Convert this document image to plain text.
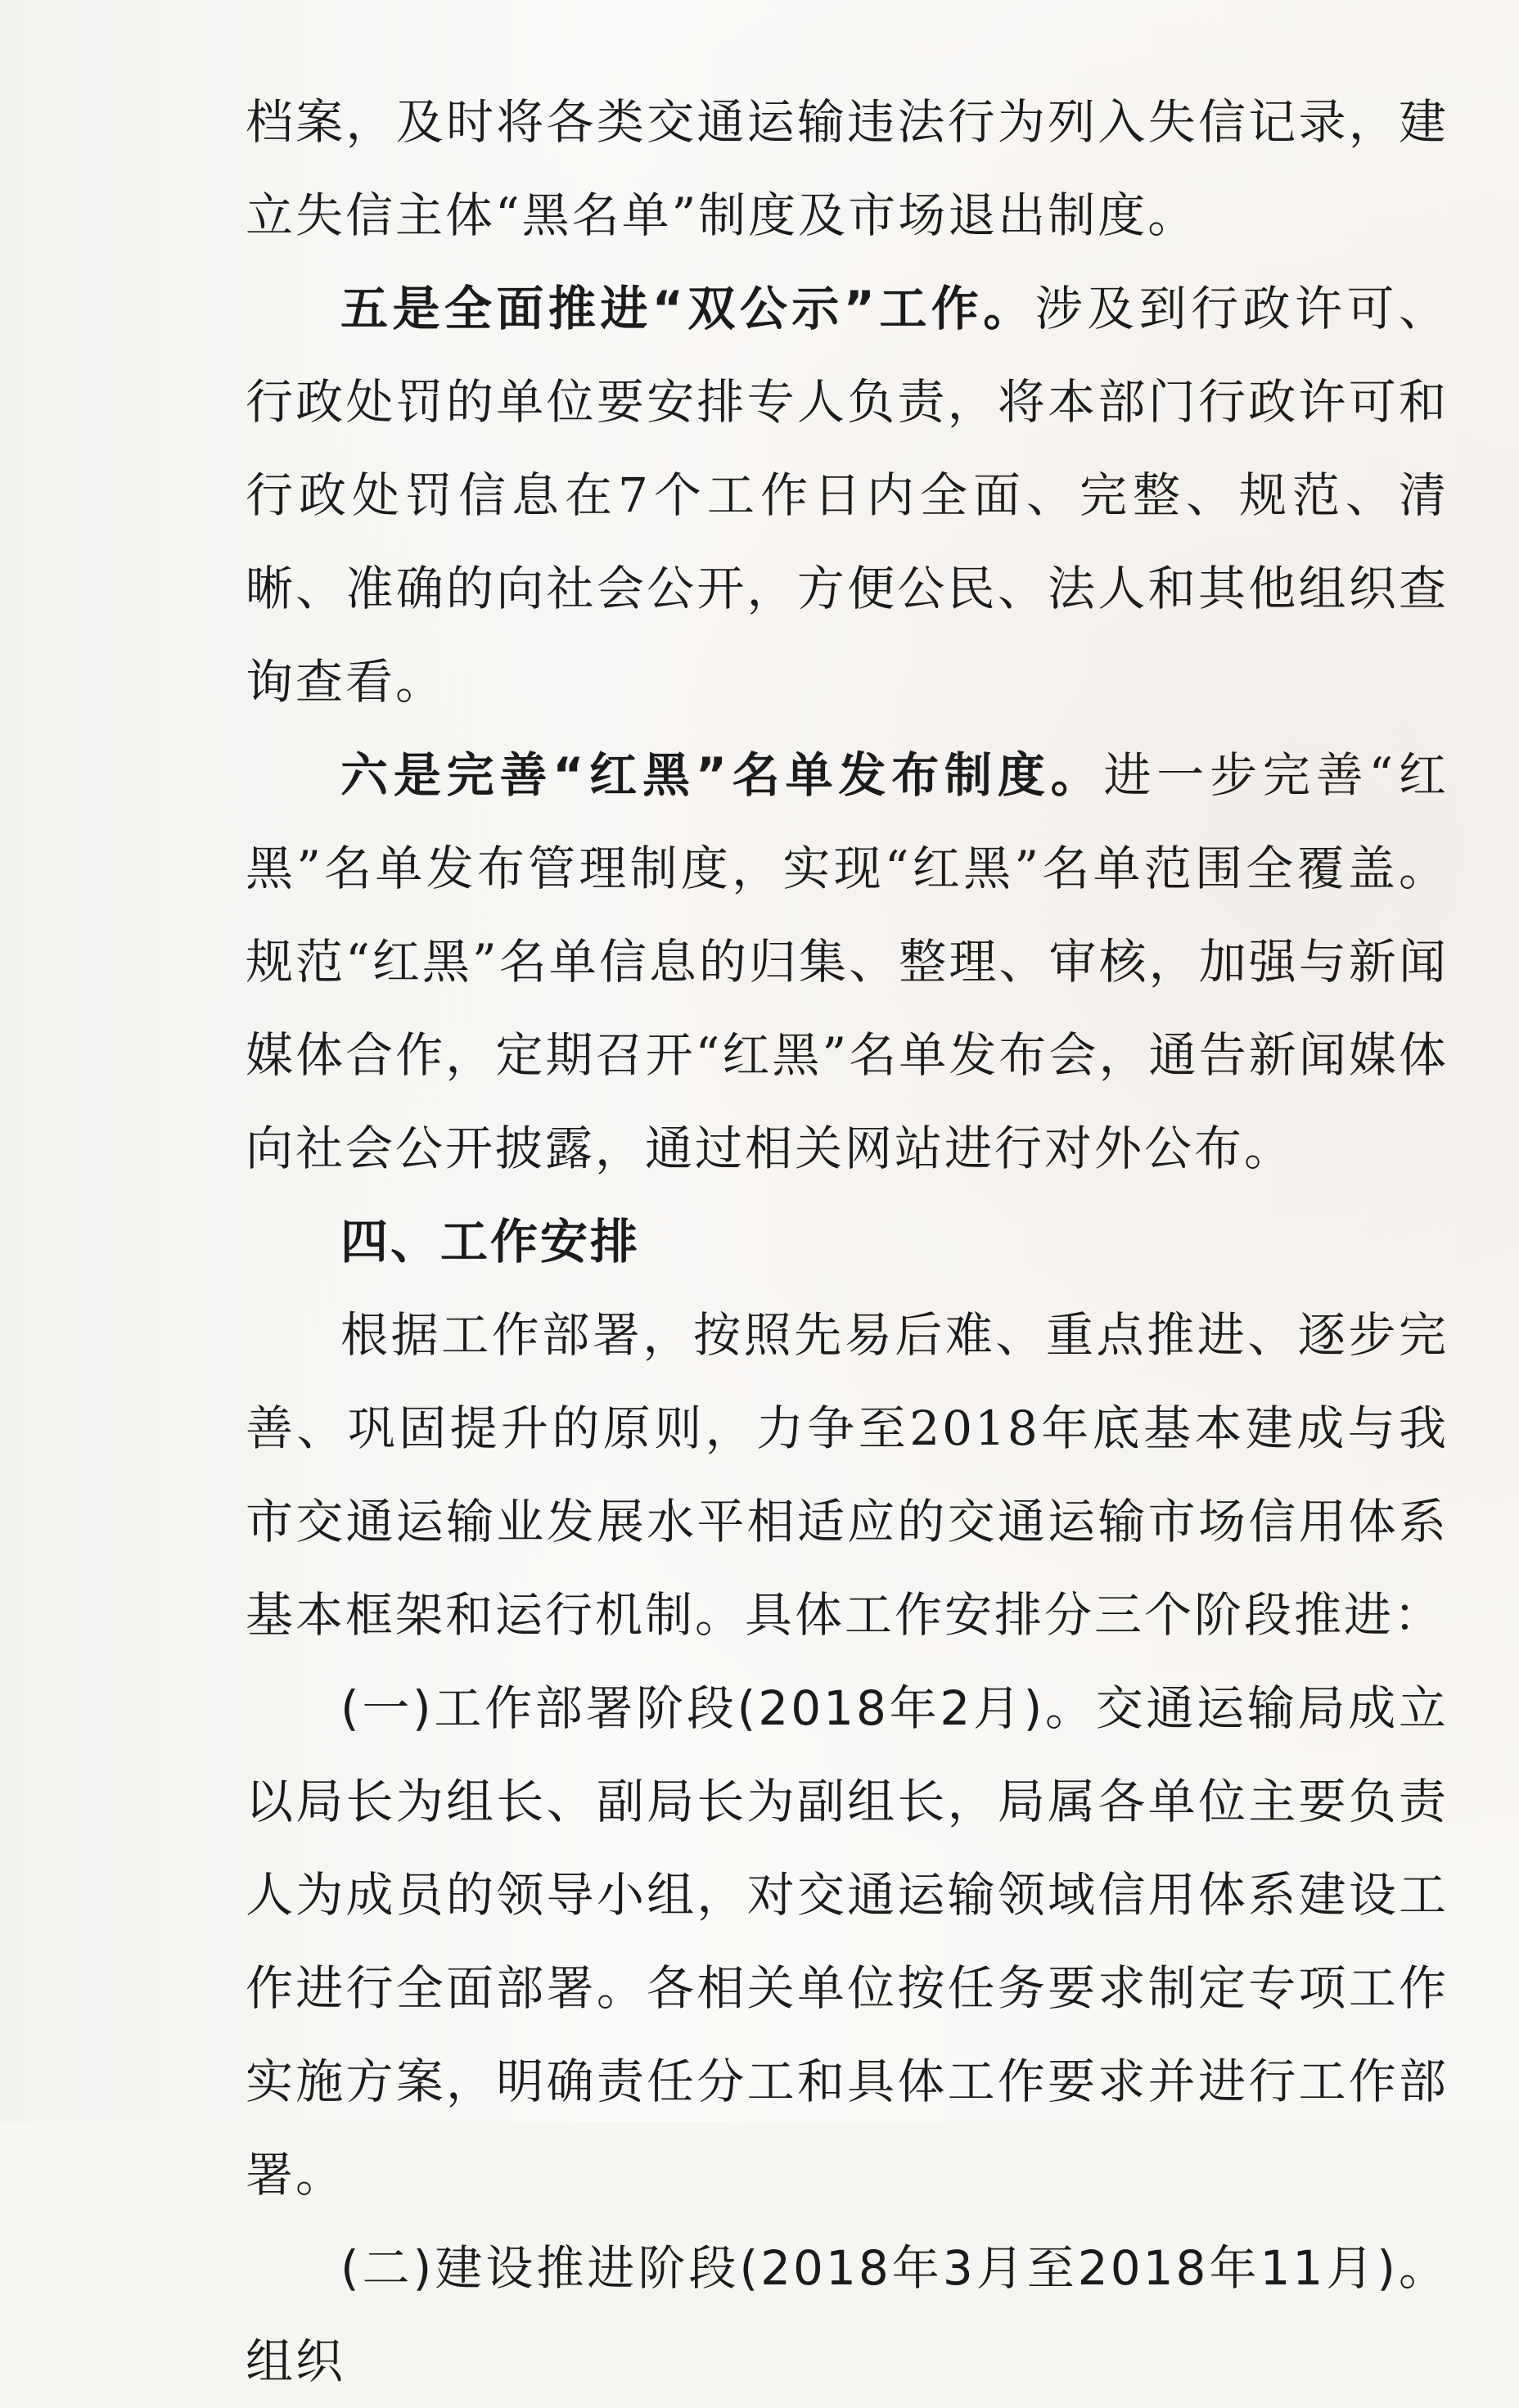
档案，及时将各类交通运输违法行为列入失信记录，建立失信主体“黑名单”制度及市场退出制度。

五是全面推进“双公示”工作。涉及到行政许可、行政处罚的单位要安排专人负责，将本部门行政许可和行政处罚信息在7个工作日内全面、完整、规范、清晰、准确的向社会公开，方便公民、法人和其他组织查询查看。

六是完善“红黑”名单发布制度。进一步完善“红黑”名单发布管理制度，实现“红黑”名单范围全覆盖。规范“红黑”名单信息的归集、整理、审核，加强与新闻媒体合作，定期召开“红黑”名单发布会，通告新闻媒体向社会公开披露，通过相关网站进行对外公布。

四、工作安排

根据工作部署，按照先易后难、重点推进、逐步完善、巩固提升的原则，力争至2018年底基本建成与我市交通运输业发展水平相适应的交通运输市场信用体系基本框架和运行机制。具体工作安排分三个阶段推进：

(一)工作部署阶段(2018年2月)。交通运输局成立以局长为组长、副局长为副组长，局属各单位主要负责人为成员的领导小组，对交通运输领域信用体系建设工作进行全面部署。各相关单位按任务要求制定专项工作实施方案，明确责任分工和具体工作要求并进行工作部署。

(二)建设推进阶段(2018年3月至2018年11月)。组织
